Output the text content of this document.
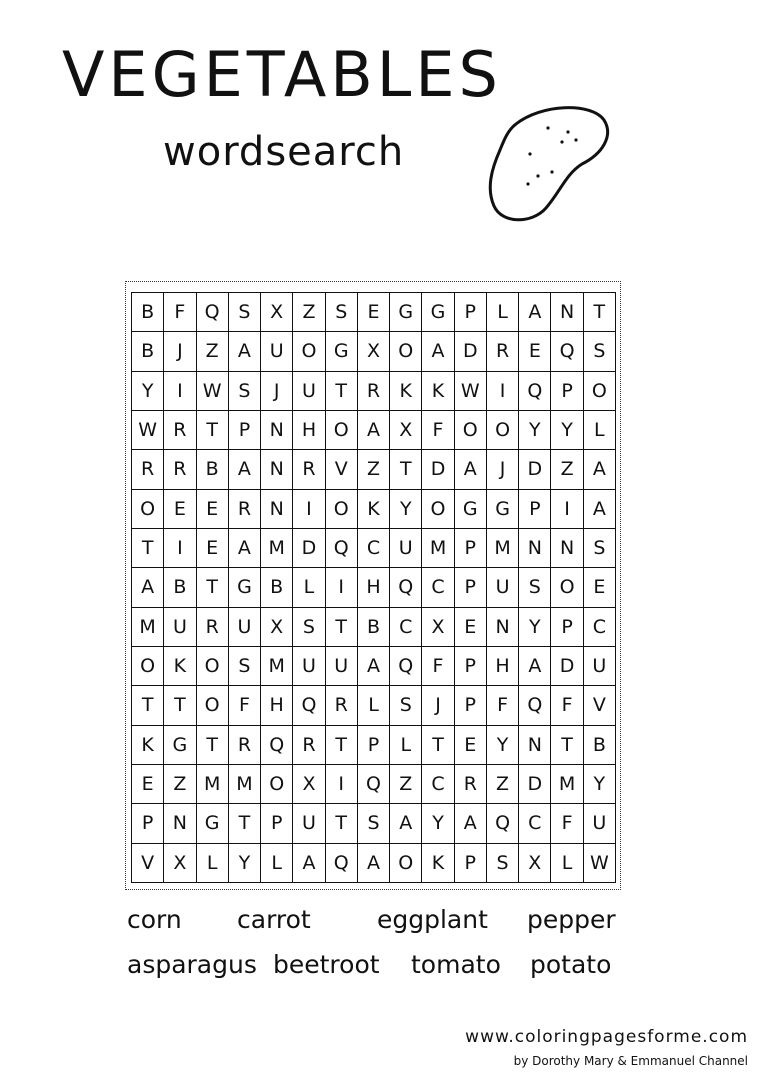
VEGETABLES
wordsearch
B	F	Q S	X	Z	S	E G G	P	L	A N	T
B	J	Z	A U O G X O A D R	E Q S
Y	I	W S	J	U	T	R	K	K W	I	Q	P	O
W R	T	P	N H O A	X	F	O O Y	Y	L
R	R	B	A N R	V	Z	T	D A	J	D Z	A
O E	E	R N	I	O K	Y O G G	P	I	A
T	I	E	A M D Q C U M P M N N	S
A	B	T	G B	L	I	H Q C	P	U	S O E
M U R U X	S	T	B	C	X	E	N	Y	P	C
O K O S M U U A Q	F	P	H A D U
T	T O	F	H Q R	L	S	J	P	F	Q	F	V
K G	T	R Q R	T	P	L	T	E	Y	N	T	B
E	Z M M O X	I	Q Z	C	R	Z D M Y
P	N G	T	P	U	T	S	A	Y	A Q C	F	U
V	X	L	Y	L	A Q A O K	P	S	X	L W
corn carrot	eggplant pepper
asparagus beetroot tomato potato
www.coloringpagesforme.com
by Dorothy Mary & Emmanuel Channel
